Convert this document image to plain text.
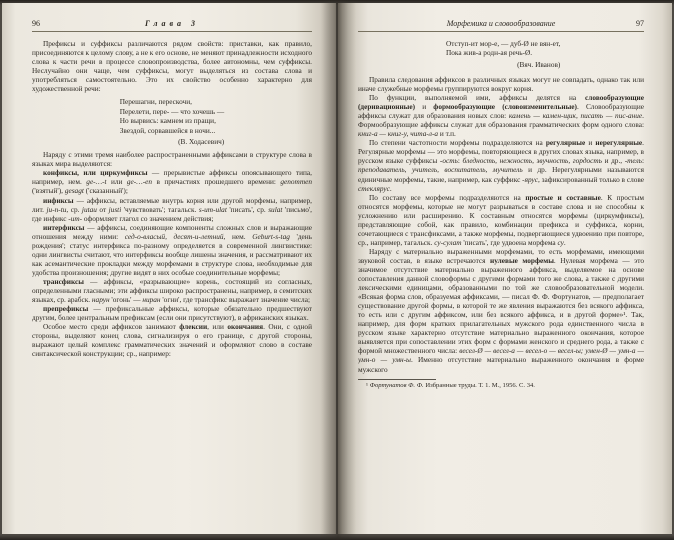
96	Глава 3

Префиксы и суффиксы различаются рядом свойств: приставки, как правило, присоединяются к целому слову, а не к его основе, не меняют принадлежности исходного слова к части речи в процессе словопроизводства, более автономны, чем суффиксы. Неслучайно они чаще, чем суффиксы, могут выделяться из состава слова и употребляться самостоятельно. Это их свойство особенно характерно для художественной речи:

Перешагни, перескочи,
Перелети, пере- — что хочешь —
Но вырвись: камнем из пращи,
Звездой, сорвавшейся в ночи...
(В. Ходасевич)

Наряду с этими тремя наиболее распространенными аффиксами в структуре слова в языках мира выделяются:

конфиксы, или циркумфиксы — прерывистые аффиксы опоясывающего типа, например, нем. ge-…-t или ge-…-en в причастиях прошедшего времени: genommen ('взятый'), gesagt ('сказанный');

инфиксы — аффиксы, вставляемые внутрь корня или другой морфемы, например, лит. ju-n-tu, ср. jutau от justi 'чувствовать'; тагальск. s-um-ulat 'писать', ср. sulat 'письмо', где инфикс -um- оформляет глагол со значением действия;

интерфиксы — аффиксы, соединяющие компоненты сложных слов и выражающие отношения между ними: сед-о-власый, десят-и-летний, нем. Geburt-s-tag 'день рождения'; статус интерфикса по-разному определяется в современной лингвистике: одни лингвисты считают, что интерфиксы вообще лишены значения, и рассматривают их как асемантические прокладки между морфемами в структуре слова, необходимые для удобства произношения; другие видят в них особые соединительные морфемы;

трансфиксы — аффиксы, «разрывающие» корень, состоящий из согласных, определенными гласными; эти аффиксы широко распространены, например, в семитских языках, ср. арабск. нарун 'огонь' — ниран 'огни', где трансфикс выражает значение числа;

препрефиксы — префиксальные аффиксы, которые обязательно предшествуют другим, более центральным префиксам (если они присутствуют), в африканских языках.

Особое место среди аффиксов занимают флексии, или окончания. Они, с одной стороны, выделяют конец слова, сигнализируя о его границе, с другой стороны, выражают целый комплекс грамматических значений и оформляют слово в составе синтаксической конструкции; ср., например:

Морфемика и словообразование	97
Отступ-ит мор-е, — дуб-Ø не вян-ет,
Пока жив-а родн-ая речь-Ø.
(Вяч. Иванов)

Правила следования аффиксов в различных языках могут не совпадать, однако так или иначе служебные морфемы группируются вокруг корня.

По функции, выполняемой ими, аффиксы делятся на словообразующие (деривационные) и формообразующие (словоизменительные). Словообразующие аффиксы служат для образования новых слов: камень — камен-щик, писать — пис-ание. Формообразующие аффиксы служат для образования грамматических форм одного слова: книг-а — книг-у, чита-л-а и т.п.

По степени частотности морфемы подразделяются на регулярные и нерегулярные. Регулярные морфемы — это морфемы, повторяющиеся в других словах языка, например, в русском языке суффиксы -ость: бледность, нежность, звучность, гордость и др., -тель: преподаватель, учитель, воспитатель, мучитель и др. Нерегулярными называются единичные морфемы, такие, например, как суффикс -ярус, зафиксированный только в слове стеклярус.

По составу все морфемы подразделяются на простые и составные. К простым относятся морфемы, которые не могут разрываться в составе слова и не способны к усложнению или расширению. К составным относятся морфемы (циркумфиксы), представляющие собой, как правило, комбинации префикса и суффикса, корни, сочетающиеся с трансфиксами, а также морфемы, подвергающиеся удвоению при повторе, ср., например, тагальск. су-сулат 'писать', где удвоена морфема су.

Наряду с материально выраженными морфемами, то есть морфемами, имеющими звуковой состав, в языке встречаются нулевые морфемы. Нулевая морфема — это значимое отсутствие материально выраженного аффикса, выделяемое на основе сопоставления данной словоформы с другими формами того же слова, а также с другими лексическими единицами, образованными по той же словообразовательной модели. «Всякая форма слов, образуемая аффиксами, — писал Ф. Ф. Фортунатов, — предполагает существование другой формы, в которой те же явления выражаются без всякого аффикса, то есть или с другим аффиксом, или без всякого аффикса, и в другой форме»¹. Так, например, для форм кратких прилагательных мужского рода единственного числа в русском языке характерно отсутствие материально выраженного окончания, которое выявляется при сопоставлении этих форм с формами женского и среднего рода, а также с формой множественного числа: весел-Ø — весел-а — весел-о — весел-ы; умен-Ø — умн-а — умн-о — умн-ы. Именно отсутствие материально выраженного окончания в форме мужского

¹ Фортунатов Ф. Ф. Избранные труды. Т. 1. М., 1956. С. 34.
